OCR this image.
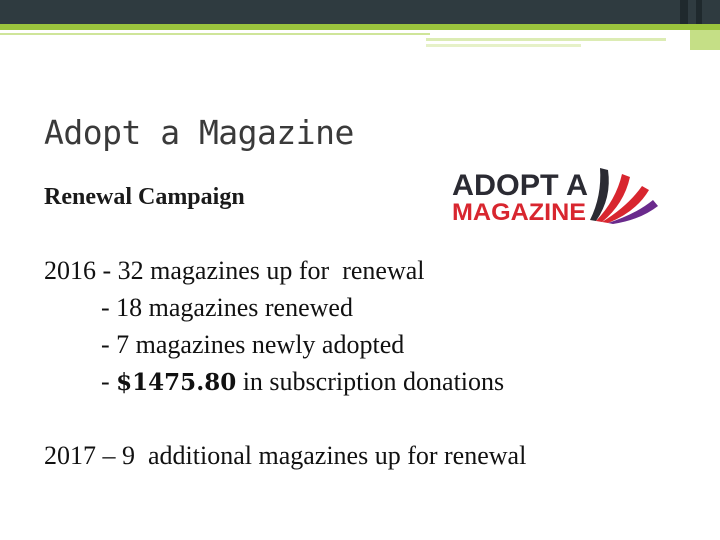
Adopt a Magazine
Renewal Campaign	ADOPT A
MAGAZINE

2016 - 32 magazines up for  renewal

- 18 magazines renewed

- 7 magazines newly adopted

- $1475.80 in subscription donations

2017 – 9  additional magazines up for renewal
